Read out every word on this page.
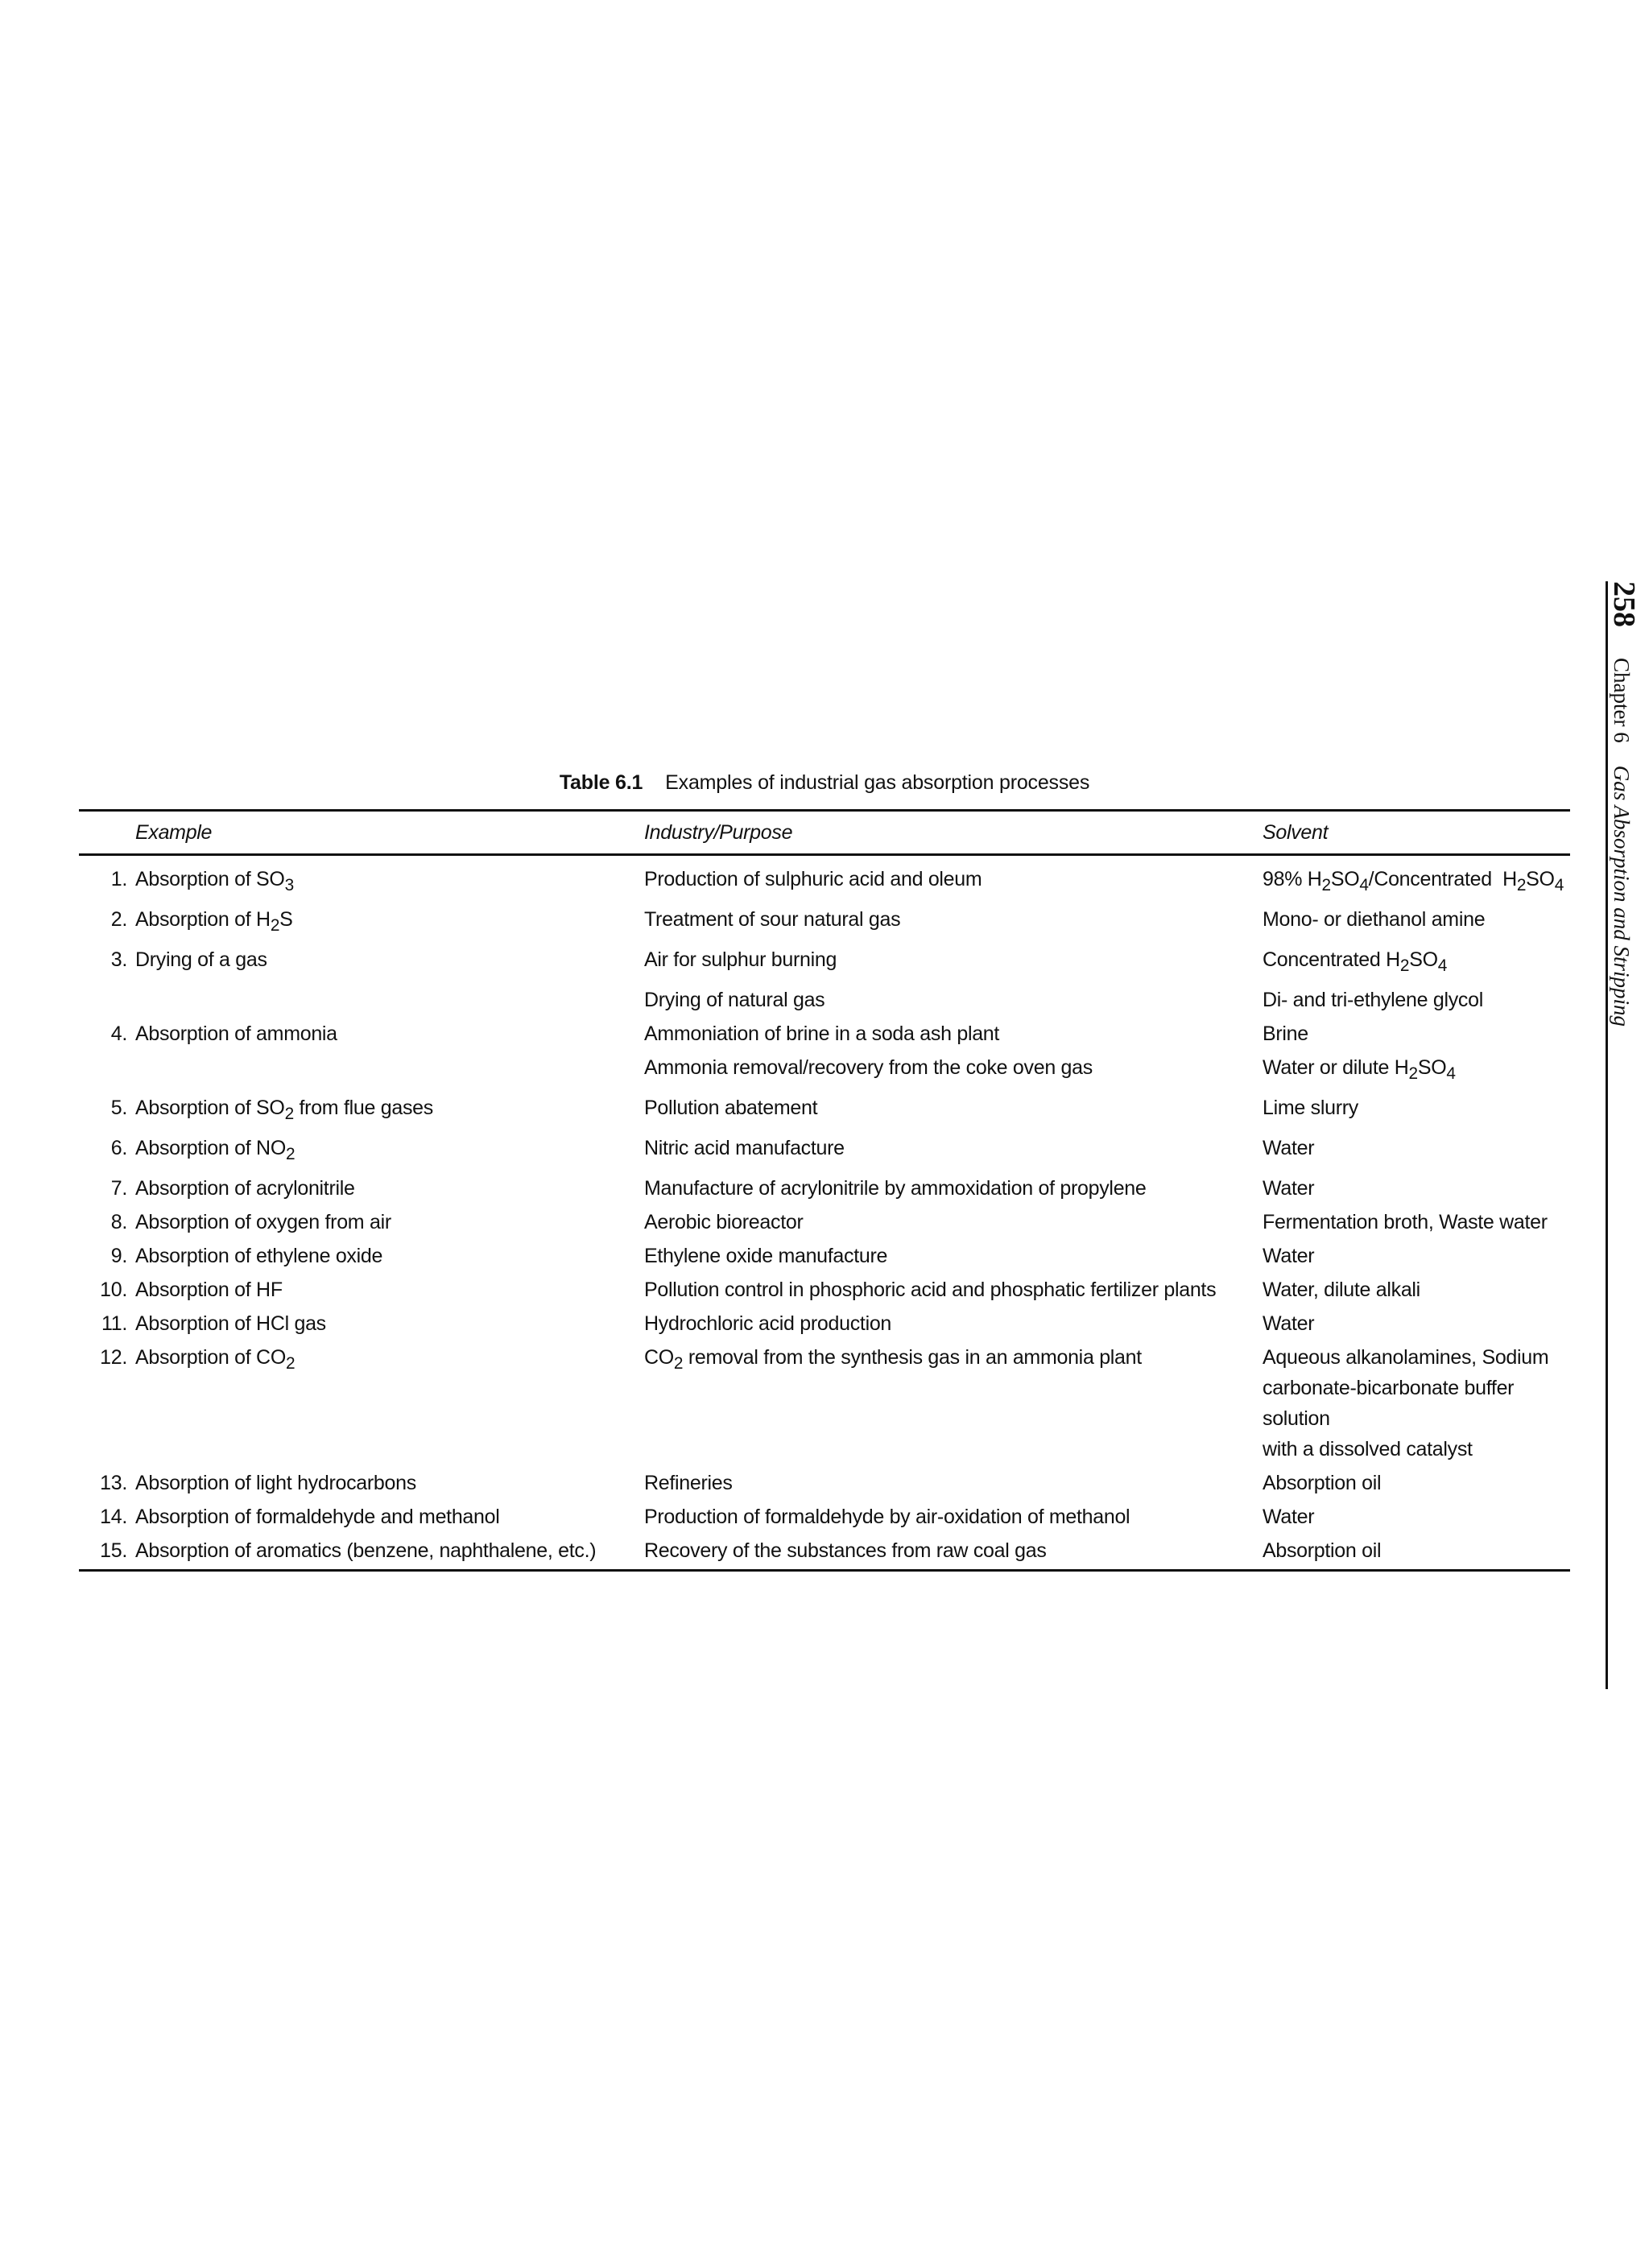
Table 6.1 Examples of industrial gas absorption processes
	Example	Industry/Purpose	Solvent
1.	Absorption of $SO_3$	Production of sulphuric acid and oleum	98% $H_2SO_4$/Concentrated  $H_2SO_4$
2.	Absorption of $H_2S$	Treatment of sour natural gas	Mono- or diethanol amine
3.	Drying of a gas	Air for sulphur burning	Concentrated $H_2SO_4$
		Drying of natural gas	Di- and tri-ethylene glycol
4.	Absorption of ammonia	Ammoniation of brine in a soda ash plant	Brine
		Ammonia removal/recovery from the coke oven gas	Water or dilute $H_2SO_4$
5.	Absorption of $SO_2$ from flue gases	Pollution abatement	Lime slurry
6.	Absorption of $NO_2$	Nitric acid manufacture	Water
7.	Absorption of acrylonitrile	Manufacture of acrylonitrile by ammoxidation of propylene	Water
8.	Absorption of oxygen from air	Aerobic bioreactor	Fermentation broth, Waste water
9.	Absorption of ethylene oxide	Ethylene oxide manufacture	Water
10.	Absorption of HF	Pollution control in phosphoric acid and phosphatic fertilizer plants	Water, dilute alkali
11.	Absorption of HCl gas	Hydrochloric acid production	Water
12.	Absorption of $CO_2$	$CO_2$ removal from the synthesis gas in an ammonia plant	Aqueous alkanolamines, Sodium
carbonate-bicarbonate buffer solution
with a dissolved catalyst
13.	Absorption of light hydrocarbons	Refineries	Absorption oil
14.	Absorption of formaldehyde and methanol	Production of formaldehyde by air-oxidation of methanol	Water
15.	Absorption of aromatics (benzene, naphthalene, etc.)	Recovery of the substances from raw coal gas	Absorption oil
258
Chapter 6
Gas Absorption and Stripping
